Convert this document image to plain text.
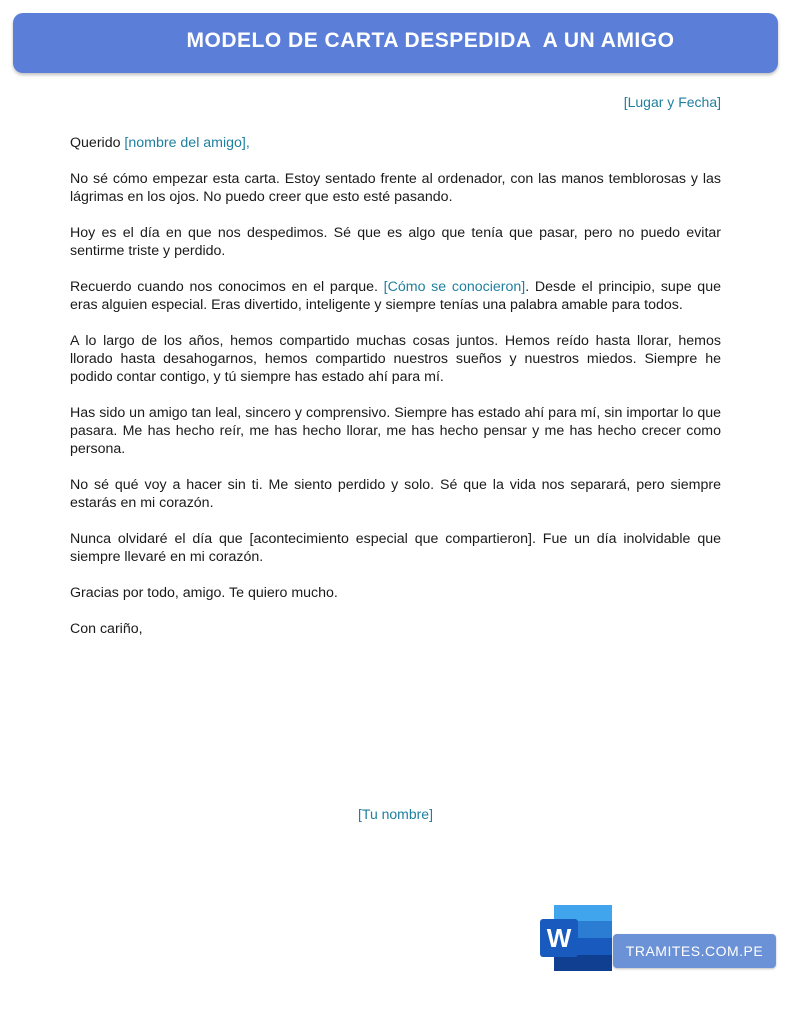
MODELO DE CARTA DESPEDIDA  A UN AMIGO
[Lugar y Fecha]

Querido [nombre del amigo],

No sé cómo empezar esta carta. Estoy sentado frente al ordenador, con las manos temblorosas y las lágrimas en los ojos. No puedo creer que esto esté pasando.

Hoy es el día en que nos despedimos. Sé que es algo que tenía que pasar, pero no puedo evitar sentirme triste y perdido.

Recuerdo cuando nos conocimos en el parque. [Cómo se conocieron]. Desde el principio, supe que eras alguien especial. Eras divertido, inteligente y siempre tenías una palabra amable para todos.

A lo largo de los años, hemos compartido muchas cosas juntos. Hemos reído hasta llorar, hemos llorado hasta desahogarnos, hemos compartido nuestros sueños y nuestros miedos. Siempre he podido contar contigo, y tú siempre has estado ahí para mí.

Has sido un amigo tan leal, sincero y comprensivo. Siempre has estado ahí para mí, sin importar lo que pasara. Me has hecho reír, me has hecho llorar, me has hecho pensar y me has hecho crecer como persona.

No sé qué voy a hacer sin ti. Me siento perdido y solo. Sé que la vida nos separará, pero siempre estarás en mi corazón.

Nunca olvidaré el día que [acontecimiento especial que compartieron]. Fue un día inolvidable que siempre llevaré en mi corazón.

Gracias por todo, amigo. Te quiero mucho.

Con cariño,

[Tu nombre]
W	TRAMITES.COM.PE
